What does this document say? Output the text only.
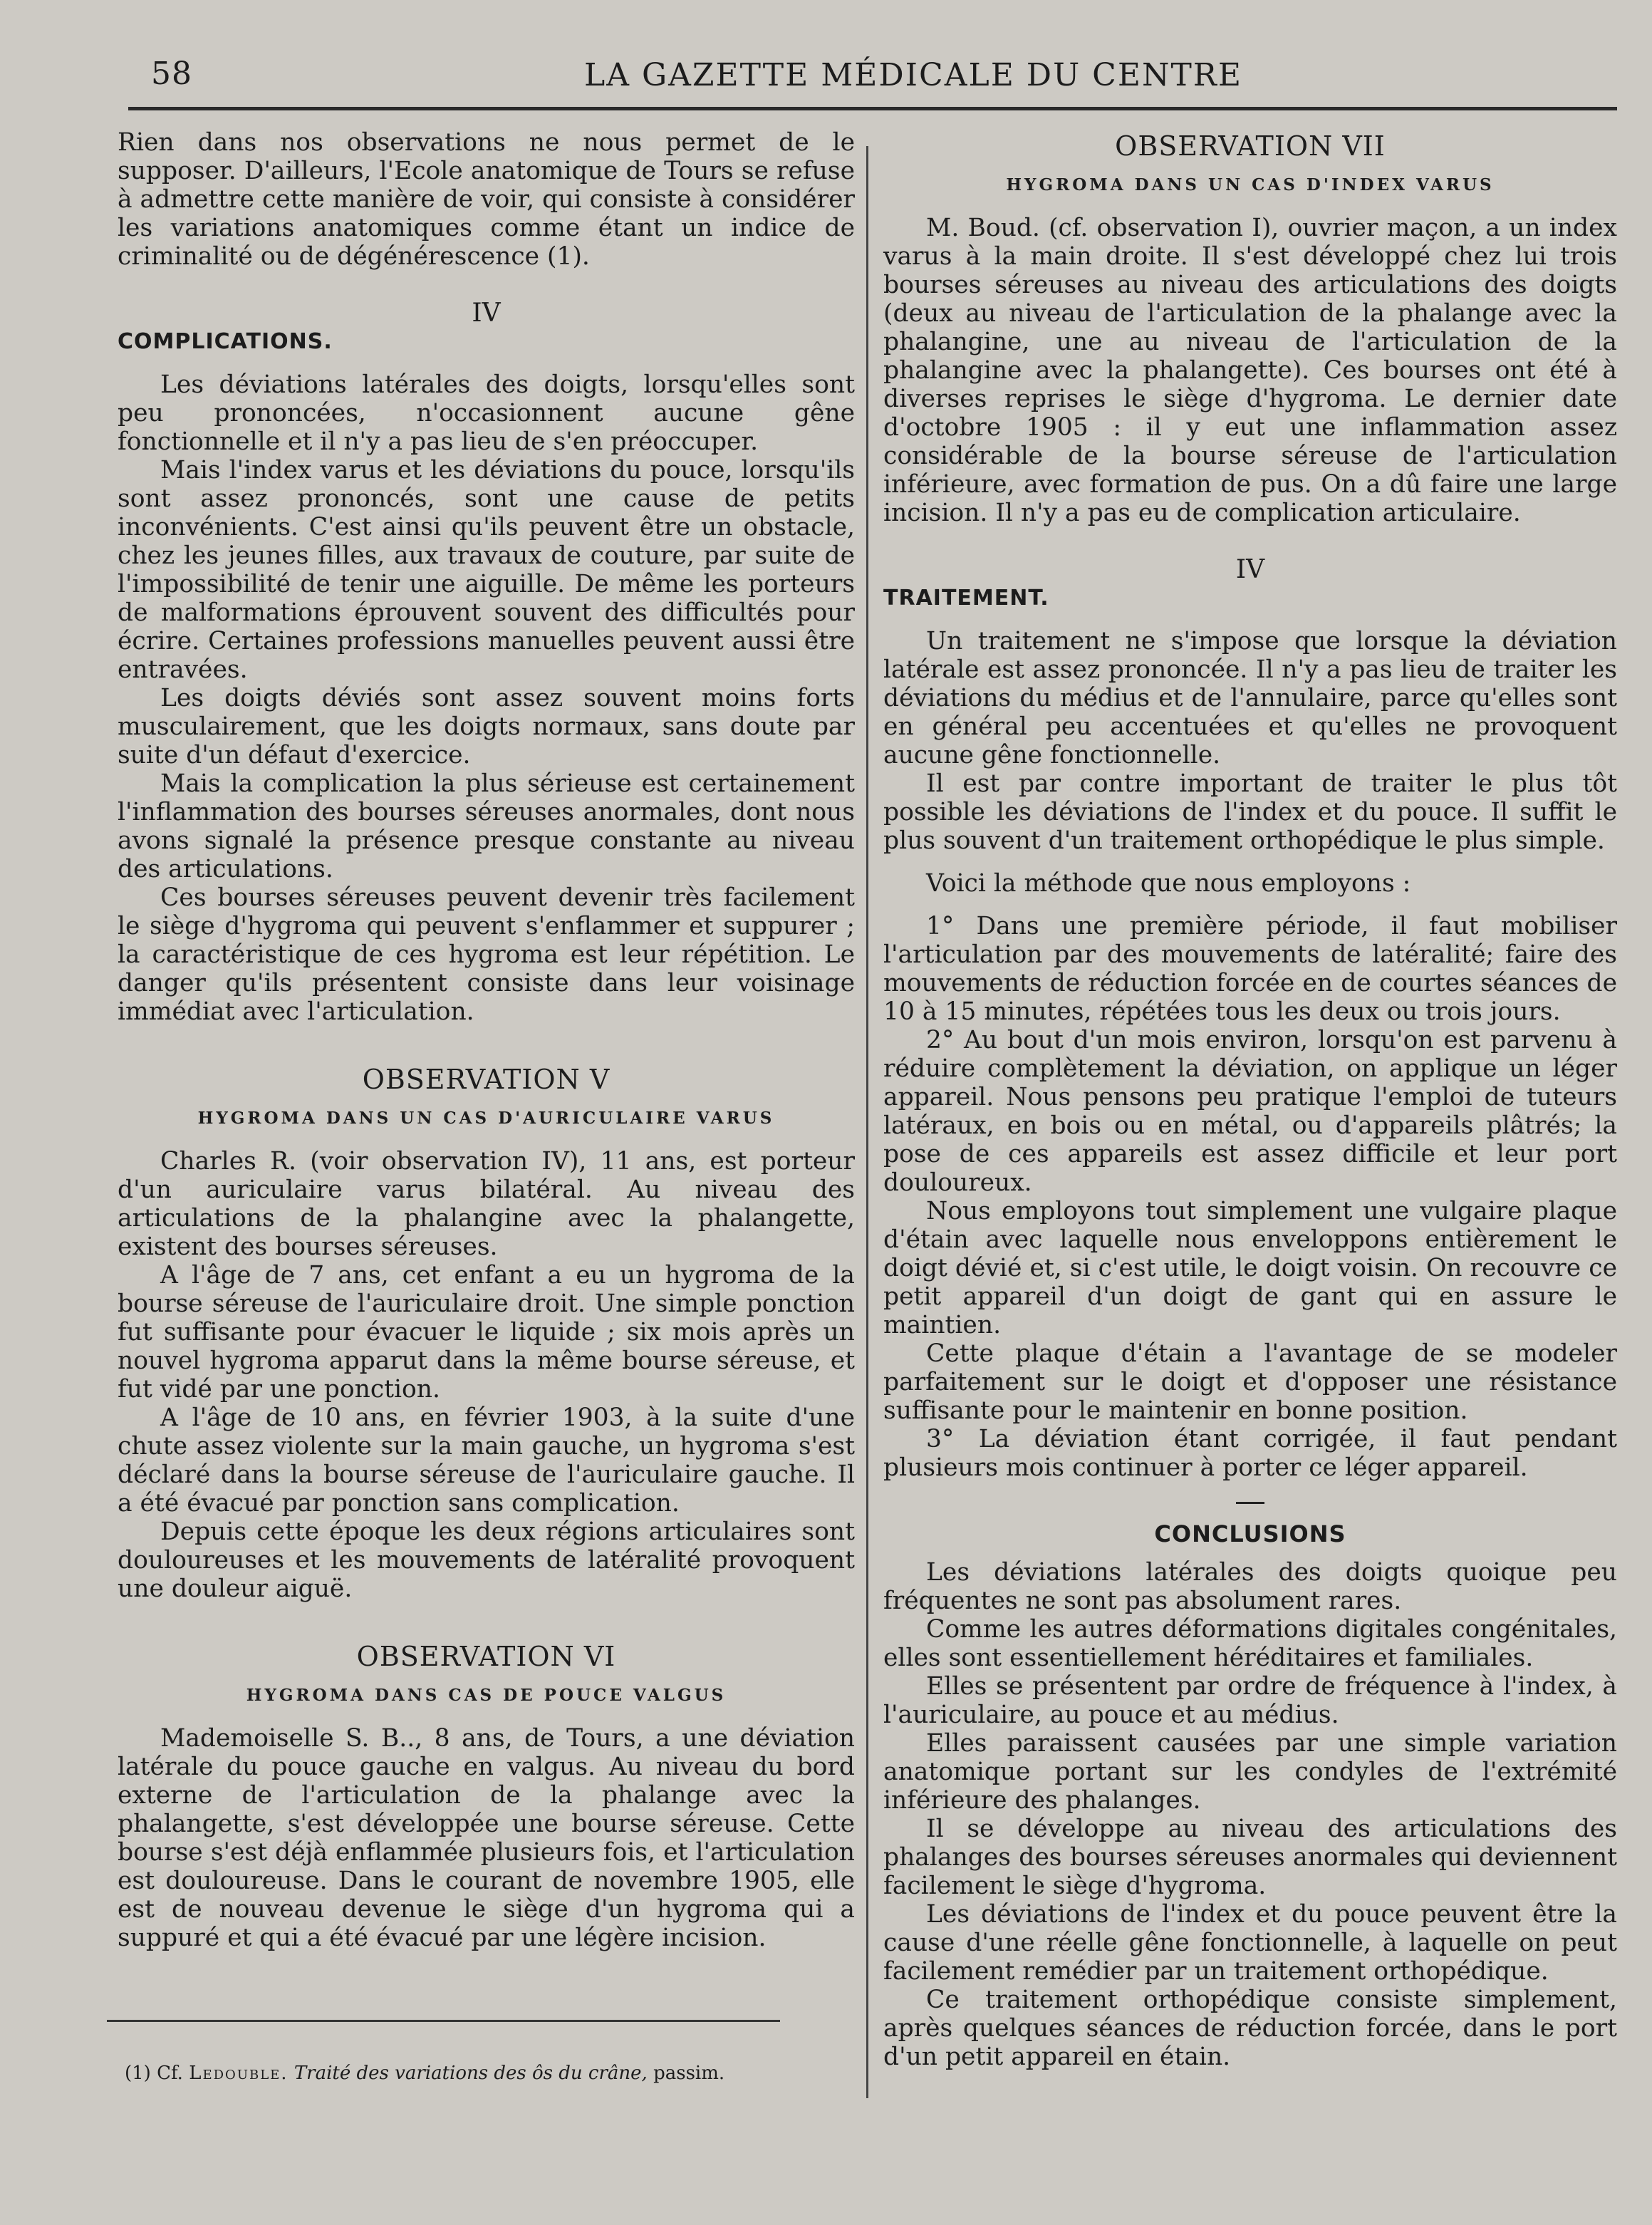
58	LA GAZETTE MÉDICALE DU CENTRE

Rien dans nos observations ne nous permet de le supposer. D'ailleurs, l'Ecole anatomique de Tours se refuse à admettre cette manière de voir, qui consiste à considérer les variations anatomiques comme étant un indice de criminalité ou de dégénérescence (1).

IV
COMPLICATIONS.

Les déviations latérales des doigts, lorsqu'elles sont peu prononcées, n'occasionnent aucune gêne fonctionnelle et il n'y a pas lieu de s'en préoccuper.

Mais l'index varus et les déviations du pouce, lorsqu'ils sont assez prononcés, sont une cause de petits inconvénients. C'est ainsi qu'ils peuvent être un obstacle, chez les jeunes filles, aux travaux de couture, par suite de l'impossibilité de tenir une aiguille. De même les porteurs de malformations éprouvent souvent des difficultés pour écrire. Certaines professions manuelles peuvent aussi être entravées.

Les doigts déviés sont assez souvent moins forts musculairement, que les doigts normaux, sans doute par suite d'un défaut d'exercice.

Mais la complication la plus sérieuse est certainement l'inflammation des bourses séreuses anormales, dont nous avons signalé la présence presque constante au niveau des articulations.

Ces bourses séreuses peuvent devenir très facilement le siège d'hygroma qui peuvent s'enflammer et suppurer ; la caractéristique de ces hygroma est leur répétition. Le danger qu'ils présentent consiste dans leur voisinage immédiat avec l'articulation.

OBSERVATION V
HYGROMA DANS UN CAS D'AURICULAIRE VARUS

Charles R. (voir observation IV), 11 ans, est porteur d'un auriculaire varus bilatéral. Au niveau des articulations de la phalangine avec la phalangette, existent des bourses séreuses.

A l'âge de 7 ans, cet enfant a eu un hygroma de la bourse séreuse de l'auriculaire droit. Une simple ponction fut suffisante pour évacuer le liquide ; six mois après un nouvel hygroma apparut dans la même bourse séreuse, et fut vidé par une ponction.

A l'âge de 10 ans, en février 1903, à la suite d'une chute assez violente sur la main gauche, un hygroma s'est déclaré dans la bourse séreuse de l'auriculaire gauche. Il a été évacué par ponction sans complication.

Depuis cette époque les deux régions articulaires sont douloureuses et les mouvements de latéralité provoquent une douleur aiguë.

OBSERVATION VI
HYGROMA DANS CAS DE POUCE VALGUS

Mademoiselle S. B.., 8 ans, de Tours, a une déviation latérale du pouce gauche en valgus. Au niveau du bord externe de l'articulation de la phalange avec la phalangette, s'est développée une bourse séreuse. Cette bourse s'est déjà enflammée plusieurs fois, et l'articulation est douloureuse. Dans le courant de novembre 1905, elle est de nouveau devenue le siège d'un hygroma qui a suppuré et qui a été évacué par une légère incision.

OBSERVATION VII
HYGROMA DANS UN CAS D'INDEX VARUS

M. Boud. (cf. observation I), ouvrier maçon, a un index varus à la main droite. Il s'est développé chez lui trois bourses séreuses au niveau des articulations des doigts (deux au niveau de l'articulation de la phalange avec la phalangine, une au niveau de l'articulation de la phalangine avec la phalangette). Ces bourses ont été à diverses reprises le siège d'hygroma. Le dernier date d'octobre 1905 : il y eut une inflammation assez considérable de la bourse séreuse de l'articulation inférieure, avec formation de pus. On a dû faire une large incision. Il n'y a pas eu de complication articulaire.

IV
TRAITEMENT.

Un traitement ne s'impose que lorsque la déviation latérale est assez prononcée. Il n'y a pas lieu de traiter les déviations du médius et de l'annulaire, parce qu'elles sont en général peu accentuées et qu'elles ne provoquent aucune gêne fonctionnelle.

Il est par contre important de traiter le plus tôt possible les déviations de l'index et du pouce. Il suffit le plus souvent d'un traitement orthopédique le plus simple.

Voici la méthode que nous employons :

1° Dans une première période, il faut mobiliser l'articulation par des mouvements de latéralité; faire des mouvements de réduction forcée en de courtes séances de 10 à 15 minutes, répétées tous les deux ou trois jours.

2° Au bout d'un mois environ, lorsqu'on est parvenu à réduire complètement la déviation, on applique un léger appareil. Nous pensons peu pratique l'emploi de tuteurs latéraux, en bois ou en métal, ou d'appareils plâtrés; la pose de ces appareils est assez difficile et leur port douloureux.

Nous employons tout simplement une vulgaire plaque d'étain avec laquelle nous enveloppons entièrement le doigt dévié et, si c'est utile, le doigt voisin. On recouvre ce petit appareil d'un doigt de gant qui en assure le maintien.

Cette plaque d'étain a l'avantage de se modeler parfaitement sur le doigt et d'opposer une résistance suffisante pour le maintenir en bonne position.

3° La déviation étant corrigée, il faut pendant plusieurs mois continuer à porter ce léger appareil.

CONCLUSIONS

Les déviations latérales des doigts quoique peu fréquentes ne sont pas absolument rares.

Comme les autres déformations digitales congénitales, elles sont essentiellement héréditaires et familiales.

Elles se présentent par ordre de fréquence à l'index, à l'auriculaire, au pouce et au médius.

Elles paraissent causées par une simple variation anatomique portant sur les condyles de l'extrémité inférieure des phalanges.

Il se développe au niveau des articulations des phalanges des bourses séreuses anormales qui deviennent facilement le siège d'hygroma.

Les déviations de l'index et du pouce peuvent être la cause d'une réelle gêne fonctionnelle, à laquelle on peut facilement remédier par un traitement orthopédique.

Ce traitement orthopédique consiste simplement, après quelques séances de réduction forcée, dans le port d'un petit appareil en étain.

(1) Cf. Ledouble. Traité des variations des ôs du crâne, passim.
